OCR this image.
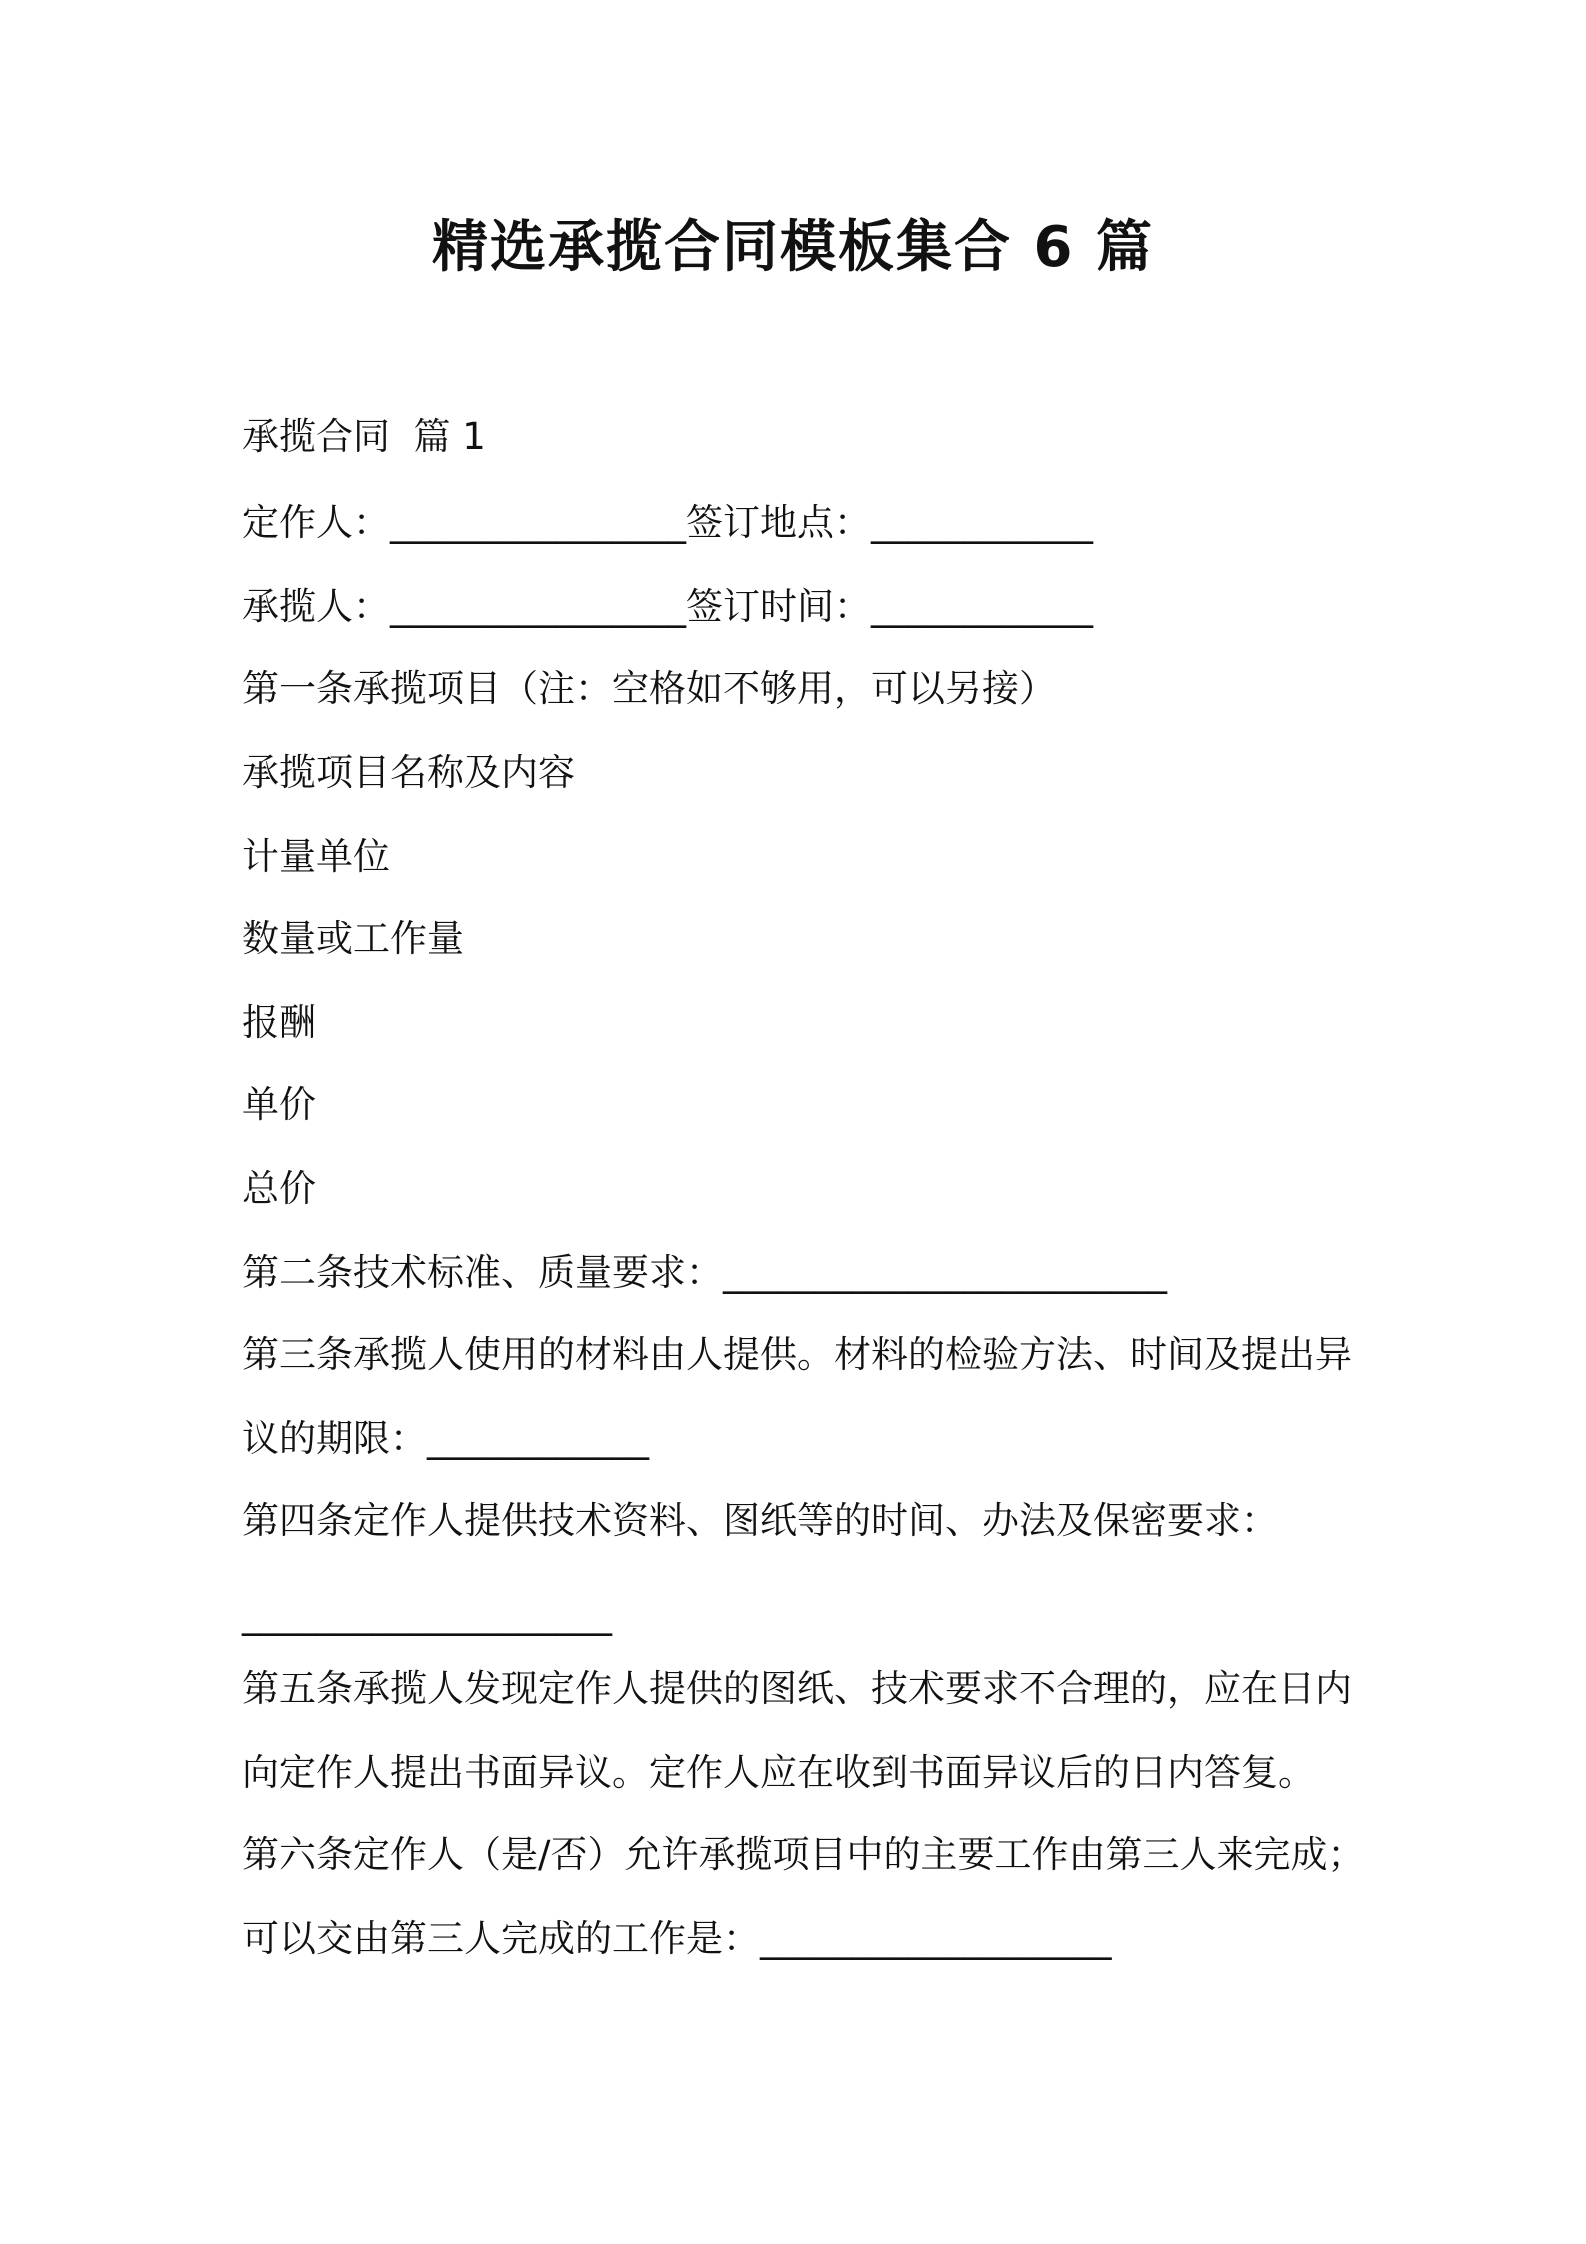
精选承揽合同模板集合 6 篇
承揽合同  篇 1
定作人：________________签订地点：____________
承揽人：________________签订时间：____________
第一条承揽项目（注：空格如不够用，可以另接）
承揽项目名称及内容
计量单位
数量或工作量
报酬
单价
总价
第二条技术标准、质量要求：________________________
第三条承揽人使用的材料由人提供。材料的检验方法、时间及提出异
议的期限：____________
第四条定作人提供技术资料、图纸等的时间、办法及保密要求：
____________________
第五条承揽人发现定作人提供的图纸、技术要求不合理的，应在日内
向定作人提出书面异议。定作人应在收到书面异议后的日内答复。
第六条定作人（是/否）允许承揽项目中的主要工作由第三人来完成；
可以交由第三人完成的工作是：___________________
